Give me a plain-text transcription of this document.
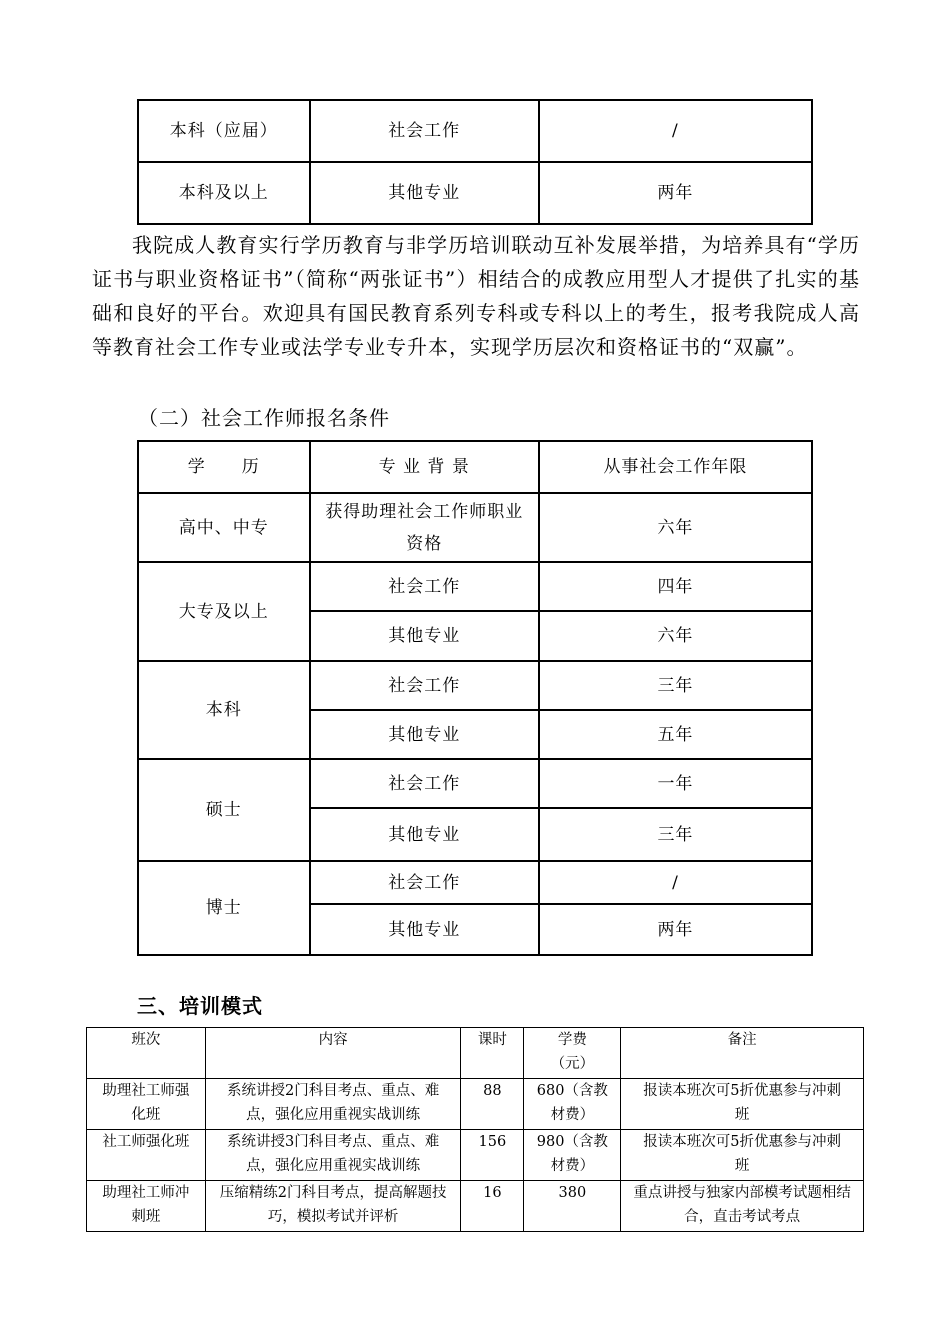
本科（应届）	社会工作	/
本科及以上	其他专业	两年

我院成人教育实行学历教育与非学历培训联动互补发展举措，为培养具有“学历证书与职业资格证书”（简称“两张证书”）相结合的成教应用型人才提供了扎实的基础和良好的平台。欢迎具有国民教育系列专科或专科以上的考生，报考我院成人高等教育社会工作专业或法学专业专升本，实现学历层次和资格证书的“双赢”。

（二）社会工作师报名条件

学　　历	专 业 背 景	从事社会工作年限
高中、中专	获得助理社会工作师职业资格	六年
大专及以上	社会工作	四年
	其他专业	六年
本科	社会工作	三年
	其他专业	五年
硕士	社会工作	一年
	其他专业	三年
博士	社会工作	/
	其他专业	两年
三、培训模式
班次	内容	课时	学费（元）	备注

助理社工师强化班	系统讲授2门科目考点、重点、难点，强化应用重视实战训练	88	680（含教材费）	报读本班次可5折优惠参与冲刺班

社工师强化班	系统讲授3门科目考点、重点、难点，强化应用重视实战训练	156	980（含教材费）	报读本班次可5折优惠参与冲刺班

助理社工师冲刺班	压缩精练2门科目考点，提高解题技巧，模拟考试并评析	16	380	重点讲授与独家内部模考试题相结合，直击考试考点
